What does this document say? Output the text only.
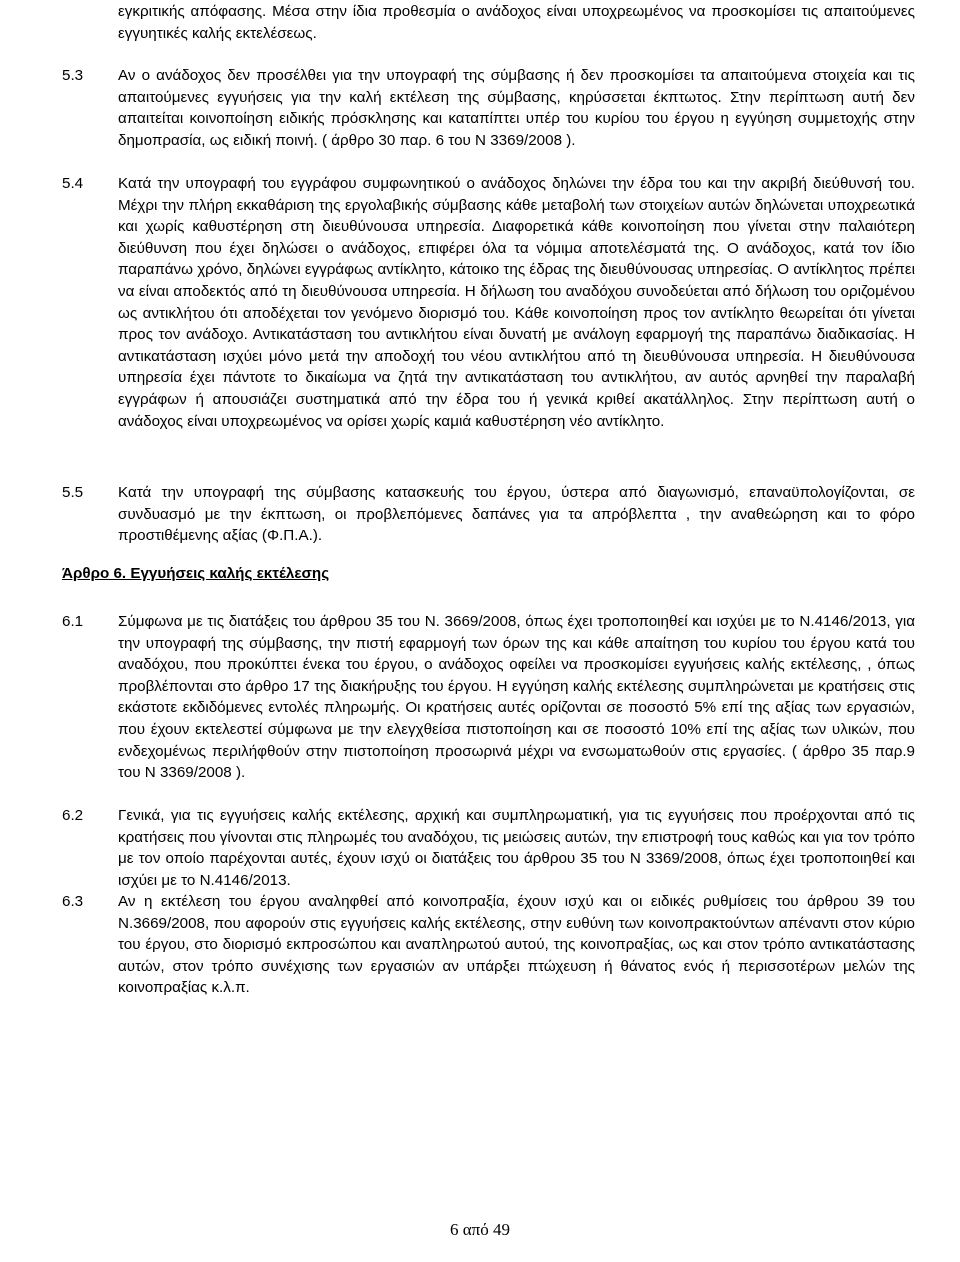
εγκριτικής απόφασης. Μέσα στην ίδια προθεσμία ο ανάδοχος είναι υποχρεωμένος να προσκομίσει τις απαιτούμενες εγγυητικές καλής εκτελέσεως.
5.3	Αν ο ανάδοχος δεν προσέλθει για την υπογραφή της σύμβασης ή δεν προσκομίσει τα απαιτούμενα στοιχεία και τις απαιτούμενες εγγυήσεις για την καλή εκτέλεση της σύμβασης, κηρύσσεται έκπτωτος. Στην περίπτωση αυτή δεν απαιτείται κοινοποίηση ειδικής πρόσκλησης και καταπίπτει υπέρ του κυρίου του έργου η εγγύηση συμμετοχής στην δημοπρασία, ως ειδική ποινή. ( άρθρο 30 παρ. 6 του Ν 3369/2008 ).
5.4	Κατά την υπογραφή του εγγράφου συμφωνητικού ο ανάδοχος δηλώνει την έδρα του και την ακριβή διεύθυνσή του. Μέχρι την πλήρη εκκαθάριση της εργολαβικής σύμβασης κάθε μεταβολή των στοιχείων αυτών δηλώνεται υποχρεωτικά και χωρίς καθυστέρηση στη διευθύνουσα υπηρεσία. Διαφορετικά κάθε κοινοποίηση που γίνεται στην παλαιότερη διεύθυνση που έχει δηλώσει ο ανάδοχος, επιφέρει όλα τα νόμιμα αποτελέσματά της. Ο ανάδοχος, κατά τον ίδιο παραπάνω χρόνο, δηλώνει εγγράφως αντίκλητο, κάτοικο της έδρας της διευθύνουσας υπηρεσίας. Ο αντίκλητος πρέπει να είναι αποδεκτός από τη διευθύνουσα υπηρεσία. Η δήλωση του αναδόχου συνοδεύεται από δήλωση του οριζομένου ως αντικλήτου ότι αποδέχεται τον γενόμενο διορισμό του. Κάθε κοινοποίηση προς τον αντίκλητο θεωρείται ότι γίνεται προς τον ανάδοχο. Αντικατάσταση του αντικλήτου είναι δυνατή με ανάλογη εφαρμογή της παραπάνω διαδικασίας. Η αντικατάσταση ισχύει μόνο μετά την αποδοχή του νέου αντικλήτου από τη διευθύνουσα υπηρεσία. Η διευθύνουσα υπηρεσία έχει πάντοτε το δικαίωμα να ζητά την αντικατάσταση του αντικλήτου, αν αυτός αρνηθεί την παραλαβή εγγράφων ή απουσιάζει συστηματικά από την έδρα του ή γενικά κριθεί ακατάλληλος. Στην περίπτωση αυτή ο ανάδοχος είναι υποχρεωμένος να ορίσει χωρίς καμιά καθυστέρηση νέο αντίκλητο.
5.5	Κατά την υπογραφή της σύμβασης κατασκευής του έργου, ύστερα από διαγωνισμό, επαναϋπολογίζονται, σε συνδυασμό με την έκπτωση, οι προβλεπόμενες δαπάνες για τα απρόβλεπτα , την αναθεώρηση και το φόρο προστιθέμενης αξίας (Φ.Π.Α.).
Άρθρο 6. Εγγυήσεις καλής εκτέλεσης
6.1	Σύμφωνα με τις διατάξεις του άρθρου 35 του Ν. 3669/2008, όπως έχει τροποποιηθεί και ισχύει με το Ν.4146/2013, για την υπογραφή της σύμβασης, την πιστή εφαρμογή των όρων της και κάθε απαίτηση του κυρίου του έργου κατά του αναδόχου, που προκύπτει ένεκα του έργου, ο ανάδοχος οφείλει να προσκομίσει εγγυήσεις καλής εκτέλεσης, , όπως προβλέπονται στο άρθρο 17 της διακήρυξης του έργου. Η εγγύηση καλής εκτέλεσης συμπληρώνεται με κρατήσεις στις εκάστοτε εκδιδόμενες εντολές πληρωμής. Οι κρατήσεις αυτές ορίζονται σε ποσοστό 5% επί της αξίας των εργασιών, που έχουν εκτελεστεί σύμφωνα με την ελεγχθείσα πιστοποίηση και σε ποσοστό 10% επί της αξίας των υλικών, που ενδεχομένως περιλήφθούν στην πιστοποίηση προσωρινά μέχρι να ενσωματωθούν στις εργασίες. ( άρθρο 35 παρ.9 του Ν 3369/2008 ).
6.2	Γενικά, για τις εγγυήσεις καλής εκτέλεσης, αρχική και συμπληρωματική, για τις εγγυήσεις που προέρχονται από τις κρατήσεις που γίνονται στις πληρωμές του αναδόχου, τις μειώσεις αυτών, την επιστροφή τους καθώς και για τον τρόπο με τον οποίο παρέχονται αυτές, έχουν ισχύ οι διατάξεις του άρθρου 35 του Ν 3369/2008, όπως έχει τροποποιηθεί και ισχύει με το Ν.4146/2013.
6.3	Αν η εκτέλεση του έργου αναληφθεί από κοινοπραξία, έχουν ισχύ και οι ειδικές ρυθμίσεις του άρθρου 39 του Ν.3669/2008, που αφορούν στις εγγυήσεις καλής εκτέλεσης, στην ευθύνη των κοινοπρακτούντων απέναντι στον κύριο του έργου, στο διορισμό εκπροσώπου και αναπληρωτού αυτού, της κοινοπραξίας, ως και στον τρόπο αντικατάστασης αυτών, στον τρόπο συνέχισης των εργασιών αν υπάρξει πτώχευση ή θάνατος ενός ή περισσοτέρων μελών της κοινοπραξίας κ.λ.π.
6 από 49
